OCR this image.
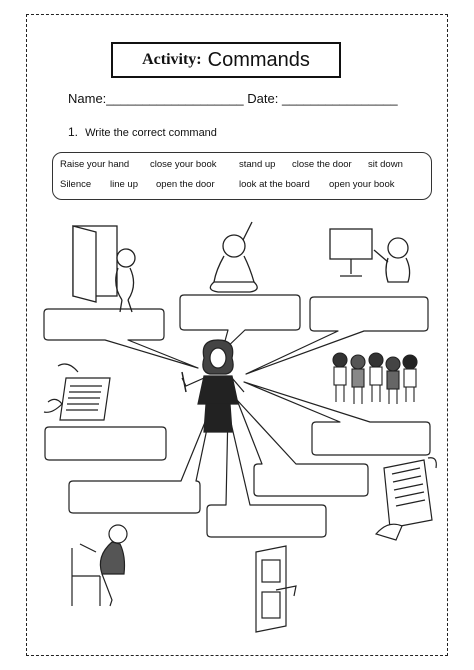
Activity: Commands
Name:___________________ Date: ________________
1. Write the correct command
Raise your hand close your book stand up close the door sit down
Silence line up open the door	look at the board open your book
